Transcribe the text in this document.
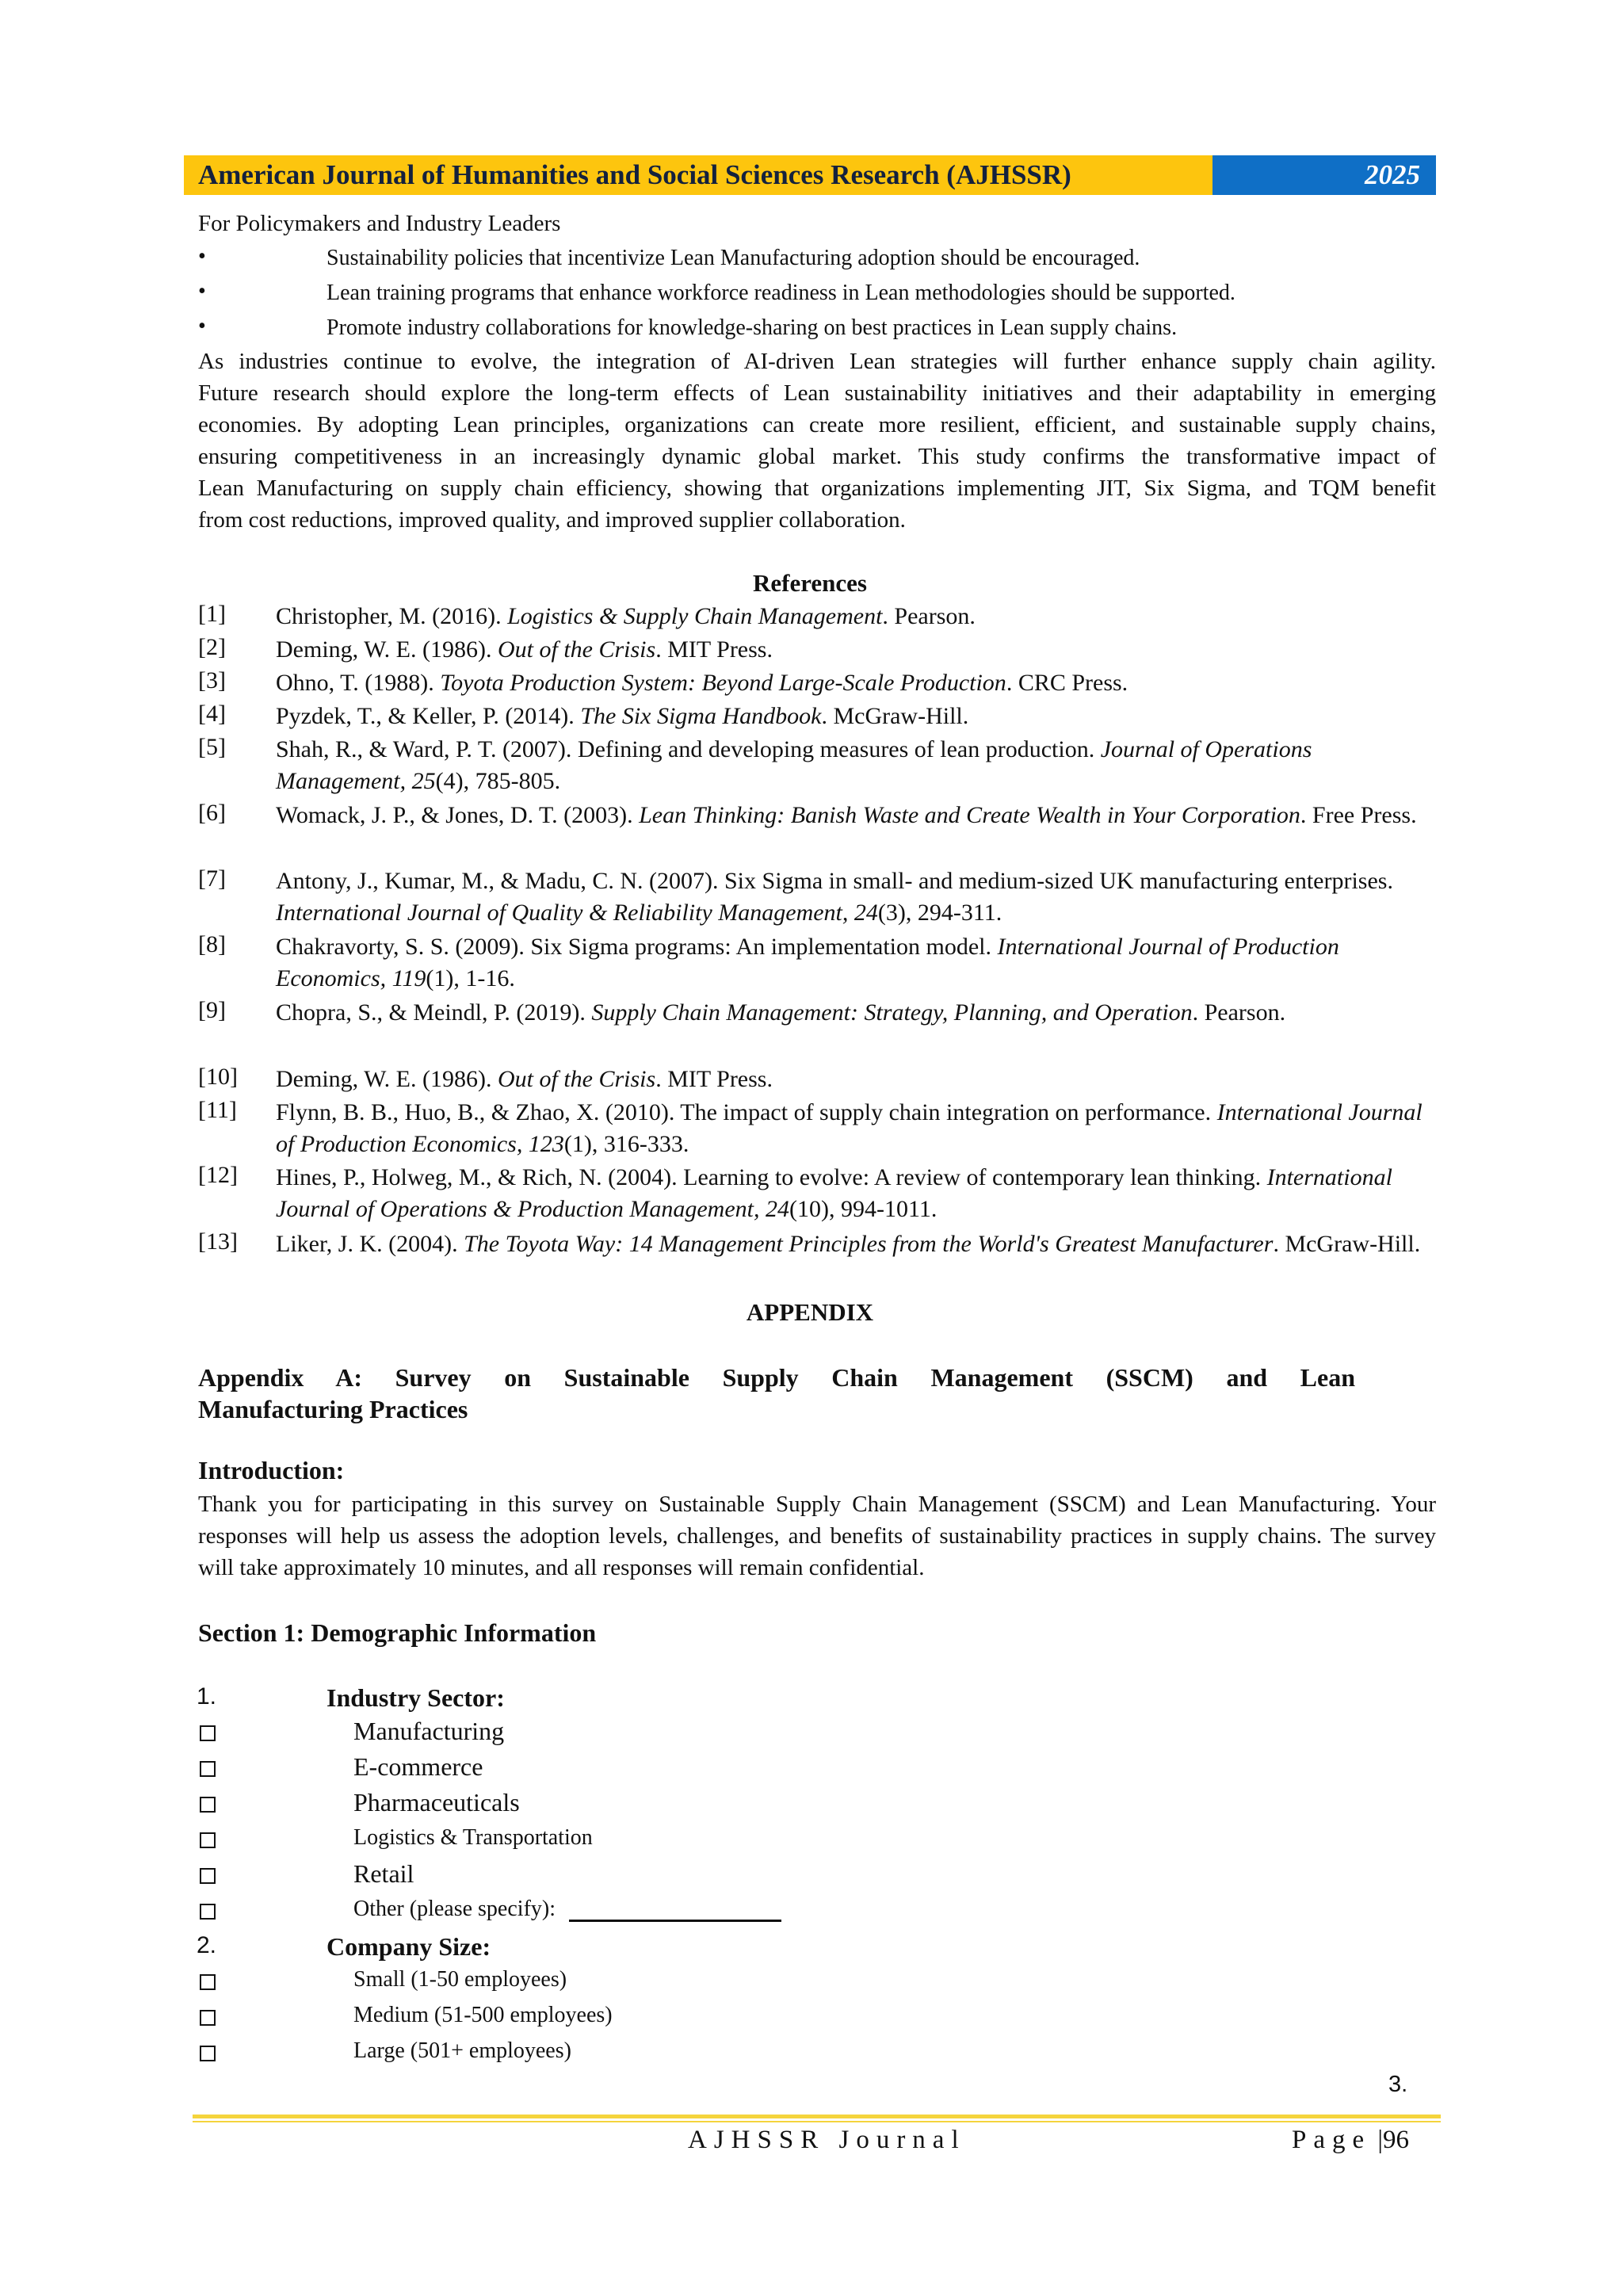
American Journal of Humanities and Social Sciences Research (AJHSSR)	2025
For Policymakers and Industry Leaders
•	Sustainability policies that incentivize Lean Manufacturing adoption should be encouraged.
•	Lean training programs that enhance workforce readiness in Lean methodologies should be supported.
•	Promote industry collaborations for knowledge-sharing on best practices in Lean supply chains.
As industries continue to evolve, the integration of AI-driven Lean strategies will further enhance supply chain agility.
Future research should explore the long-term effects of Lean sustainability initiatives and their adaptability in emerging
economies. By adopting Lean principles, organizations can create more resilient, efficient, and sustainable supply chains,
ensuring competitiveness in an increasingly dynamic global market. This study confirms the transformative impact of
Lean Manufacturing on supply chain efficiency, showing that organizations implementing JIT, Six Sigma, and TQM benefit
from cost reductions, improved quality, and improved supplier collaboration.
References
[1] Christopher, M. (2016). Logistics & Supply Chain Management. Pearson.
[2] Deming, W. E. (1986). Out of the Crisis. MIT Press.
[3] Ohno, T. (1988). Toyota Production System: Beyond Large-Scale Production. CRC Press.
[4] Pyzdek, T., & Keller, P. (2014). The Six Sigma Handbook. McGraw-Hill.
[5] Shah, R., & Ward, P. T. (2007). Defining and developing measures of lean production. Journal of Operations Management, 25(4), 785-805.
[6] Womack, J. P., & Jones, D. T. (2003). Lean Thinking: Banish Waste and Create Wealth in Your Corporation. Free Press.
[7] Antony, J., Kumar, M., & Madu, C. N. (2007). Six Sigma in small- and medium-sized UK manufacturing enterprises. International Journal of Quality & Reliability Management, 24(3), 294-311.
[8] Chakravorty, S. S. (2009). Six Sigma programs: An implementation model. International Journal of Production Economics, 119(1), 1-16.
[9] Chopra, S., & Meindl, P. (2019). Supply Chain Management: Strategy, Planning, and Operation. Pearson.
[10] Deming, W. E. (1986). Out of the Crisis. MIT Press.
[11] Flynn, B. B., Huo, B., & Zhao, X. (2010). The impact of supply chain integration on performance. International Journal of Production Economics, 123(1), 316-333.
[12] Hines, P., Holweg, M., & Rich, N. (2004). Learning to evolve: A review of contemporary lean thinking. International Journal of Operations & Production Management, 24(10), 994-1011.
[13] Liker, J. K. (2004). The Toyota Way: 14 Management Principles from the World's Greatest Manufacturer. McGraw-Hill.
APPENDIX
Appendix A: Survey on Sustainable Supply Chain Management (SSCM) and Lean
Manufacturing Practices
Introduction:
Thank you for participating in this survey on Sustainable Supply Chain Management (SSCM) and Lean Manufacturing. Your
responses will help us assess the adoption levels, challenges, and benefits of sustainability practices in supply chains. The survey
will take approximately 10 minutes, and all responses will remain confidential.
Section 1: Demographic Information
1.	Industry Sector:
Manufacturing
E-commerce
Pharmaceuticals
Logistics & Transportation
Retail
Other (please specify):
2.	Company Size:
Small (1-50 employees)
Medium (51-500 employees)
Large (501+ employees)
3.
AJHSSR Journal	Page |96
